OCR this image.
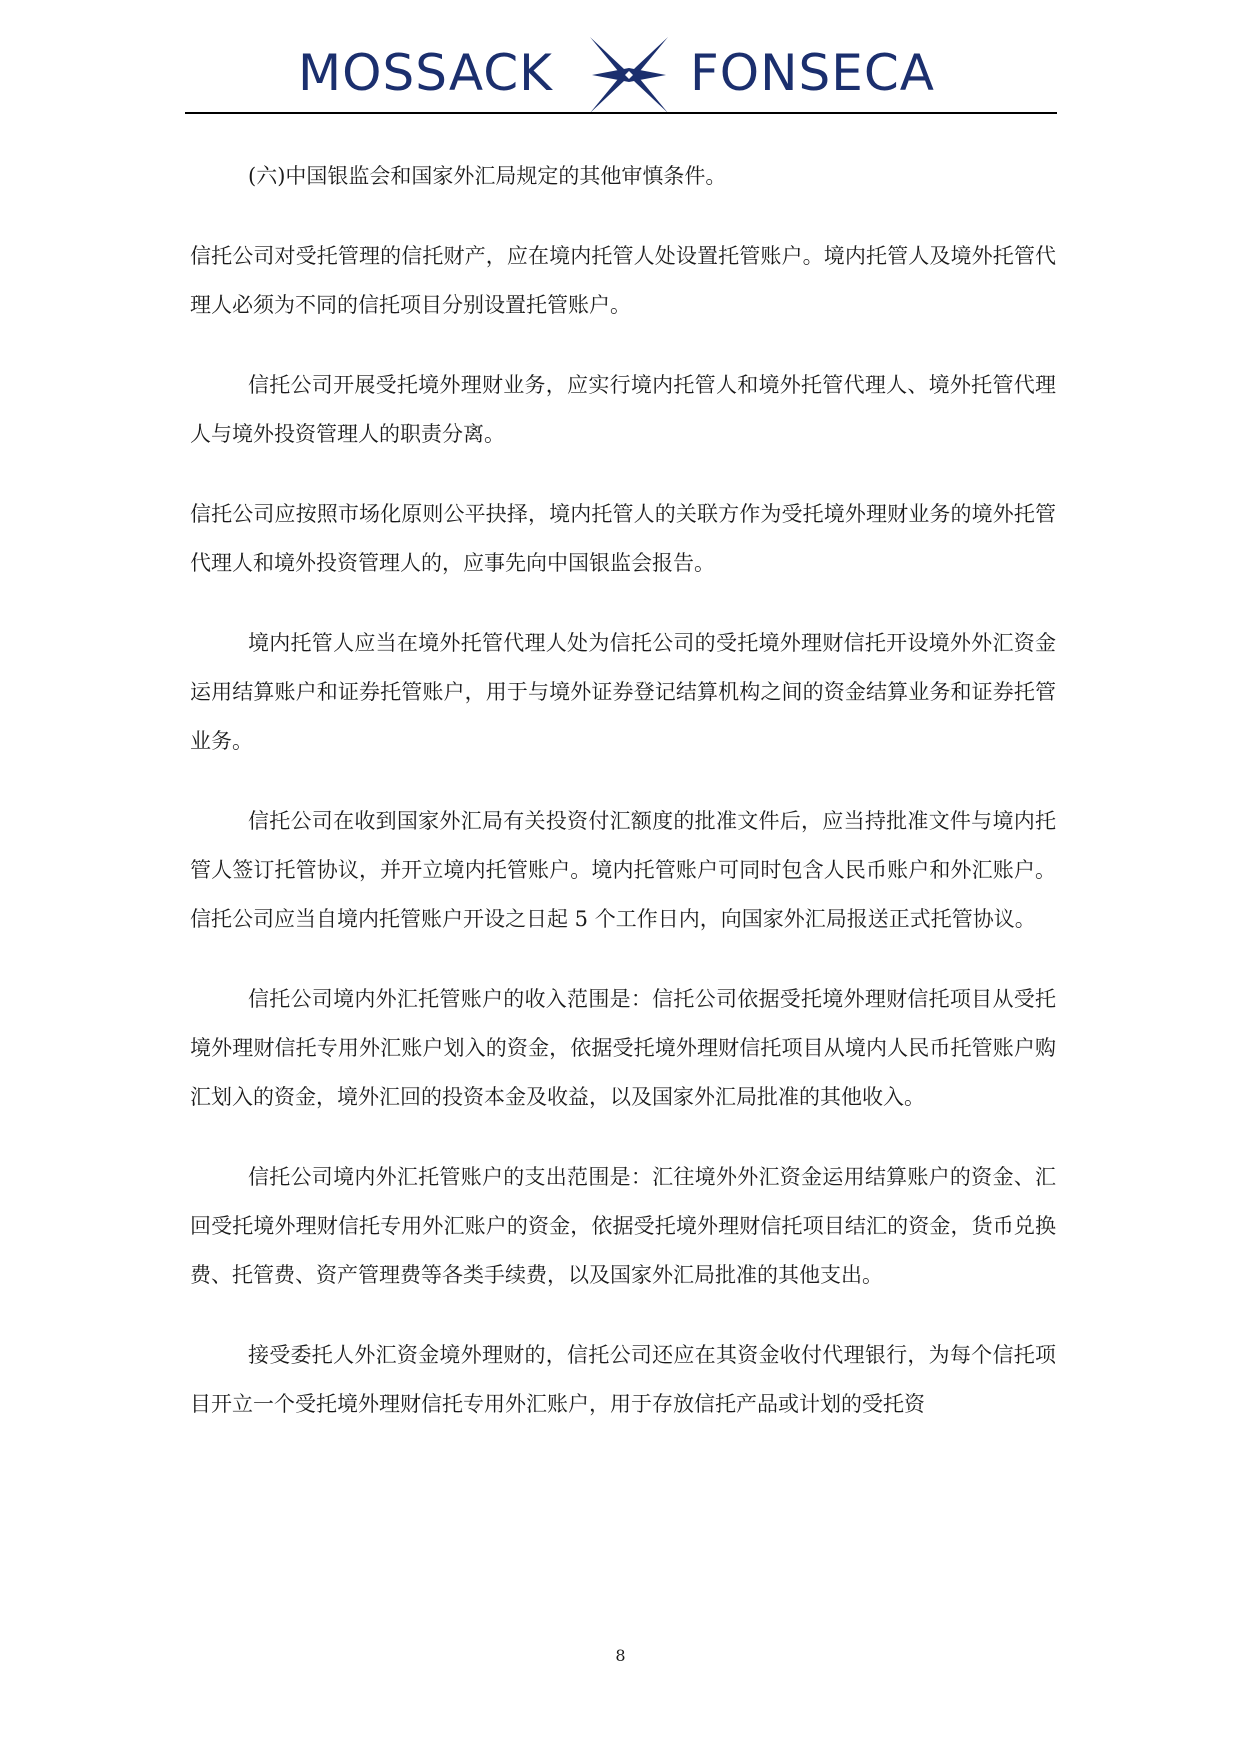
MOSSACK	FONSECA

(六)中国银监会和国家外汇局规定的其他审慎条件。

信托公司对受托管理的信托财产，应在境内托管人处设置托管账户。境内托管人及境外托管代理人必须为不同的信托项目分别设置托管账户。

信托公司开展受托境外理财业务，应实行境内托管人和境外托管代理人、境外托管代理人与境外投资管理人的职责分离。

信托公司应按照市场化原则公平抉择，境内托管人的关联方作为受托境外理财业务的境外托管代理人和境外投资管理人的，应事先向中国银监会报告。

境内托管人应当在境外托管代理人处为信托公司的受托境外理财信托开设境外外汇资金运用结算账户和证券托管账户，用于与境外证券登记结算机构之间的资金结算业务和证券托管业务。

信托公司在收到国家外汇局有关投资付汇额度的批准文件后，应当持批准文件与境内托管人签订托管协议，并开立境内托管账户。境内托管账户可同时包含人民币账户和外汇账户。信托公司应当自境内托管账户开设之日起 5 个工作日内，向国家外汇局报送正式托管协议。

信托公司境内外汇托管账户的收入范围是：信托公司依据受托境外理财信托项目从受托境外理财信托专用外汇账户划入的资金，依据受托境外理财信托项目从境内人民币托管账户购汇划入的资金，境外汇回的投资本金及收益，以及国家外汇局批准的其他收入。

信托公司境内外汇托管账户的支出范围是：汇往境外外汇资金运用结算账户的资金、汇回受托境外理财信托专用外汇账户的资金，依据受托境外理财信托项目结汇的资金，货币兑换费、托管费、资产管理费等各类手续费，以及国家外汇局批准的其他支出。

接受委托人外汇资金境外理财的，信托公司还应在其资金收付代理银行，为每个信托项目开立一个受托境外理财信托专用外汇账户，用于存放信托产品或计划的受托资

8
